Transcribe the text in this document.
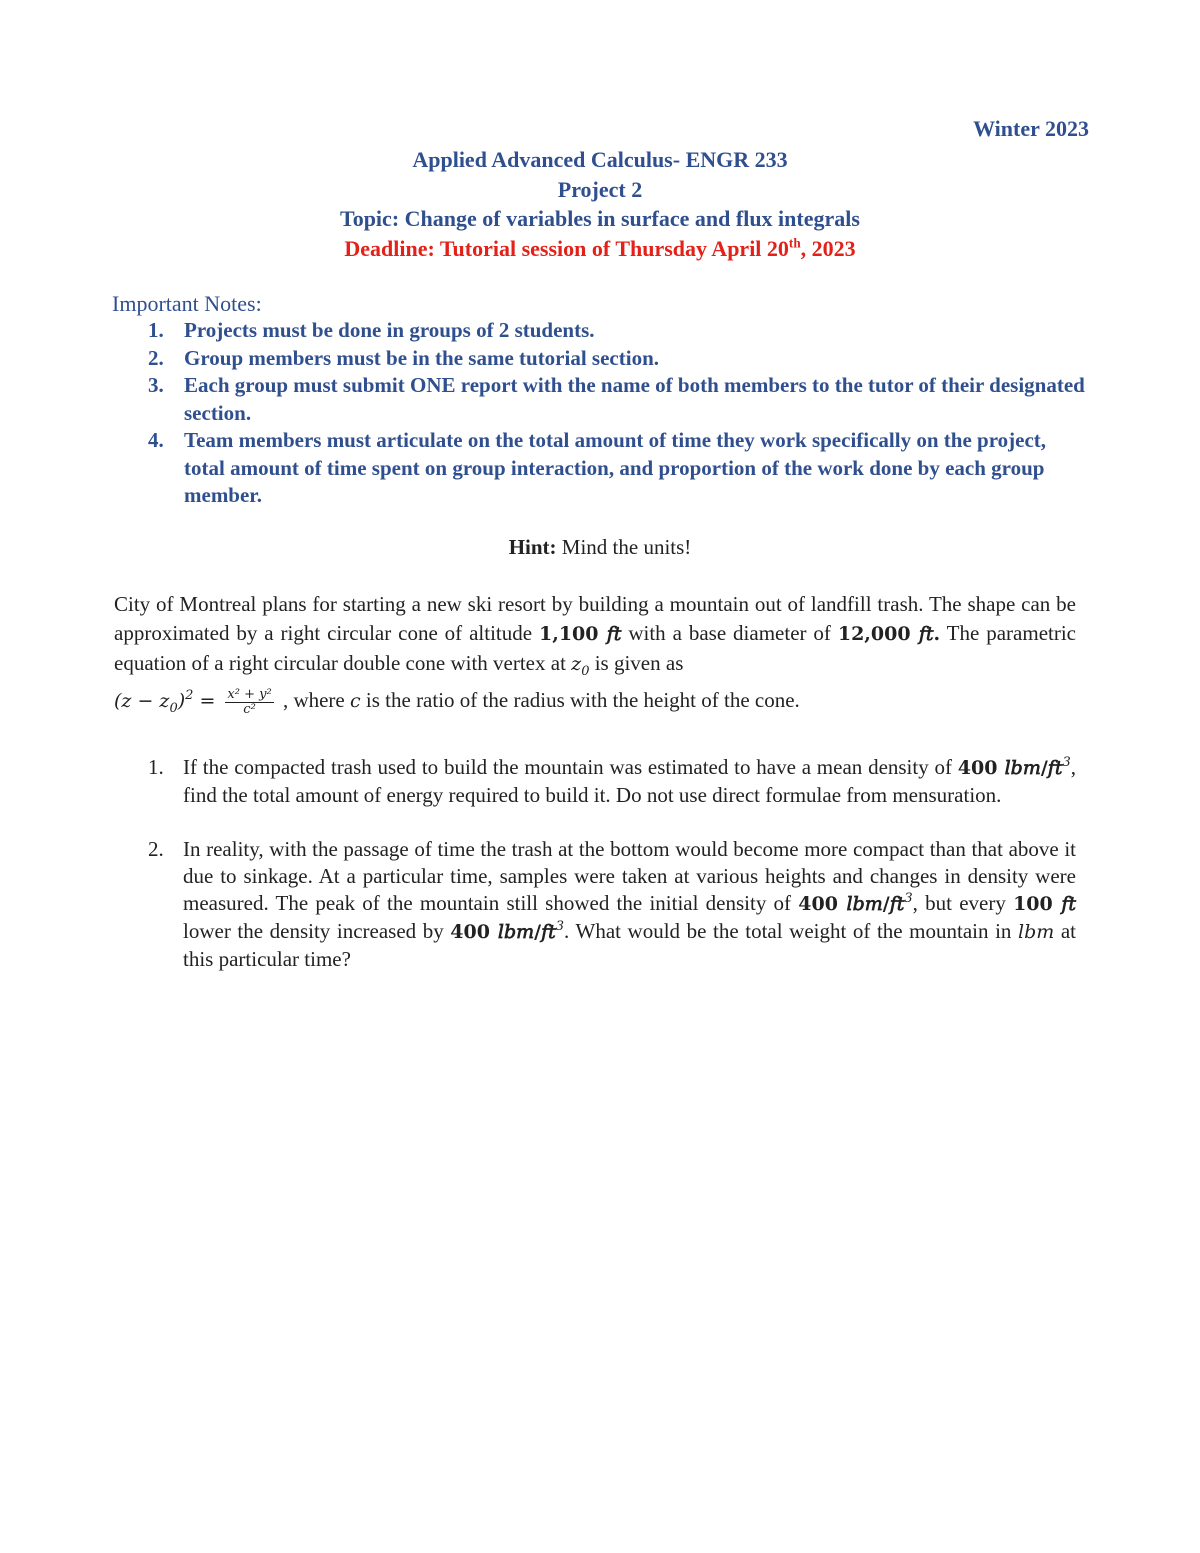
Winter 2023
Applied Advanced Calculus- ENGR 233
Project 2
Topic: Change of variables in surface and flux integrals
Deadline: Tutorial session of Thursday April 20th, 2023
Important Notes:
1. Projects must be done in groups of 2 students.
2. Group members must be in the same tutorial section.
3. Each group must submit ONE report with the name of both members to the tutor of their designated section.
4. Team members must articulate on the total amount of time they work specifically on the project, total amount of time spent on group interaction, and proportion of the work done by each group member.
Hint: Mind the units!
City of Montreal plans for starting a new ski resort by building a mountain out of landfill trash. The shape can be approximated by a right circular cone of altitude 1,100 𝑓𝑡 with a base diameter of 12,000 𝑓𝑡. The parametric equation of a right circular double cone with vertex at 𝑧$_0$ is given as
(𝑧 − 𝑧$_0$)$^2$ = $\frac{\text{𝑥² + 𝑦²}}{\text{𝑐²}}$ , where 𝑐 is the ratio of the radius with the height of the cone.
1. If the compacted trash used to build the mountain was estimated to have a mean density of 400 𝑙𝑏𝑚/𝑓𝑡$^3$, find the total amount of energy required to build it. Do not use direct formulae from mensuration.
2. In reality, with the passage of time the trash at the bottom would become more compact than that above it due to sinkage. At a particular time, samples were taken at various heights and changes in density were measured. The peak of the mountain still showed the initial density of 400 𝑙𝑏𝑚/𝑓𝑡$^3$, but every 100 𝑓𝑡 lower the density increased by 400 𝑙𝑏𝑚/𝑓𝑡$^3$. What would be the total weight of the mountain in 𝑙𝑏𝑚 at this particular time?
